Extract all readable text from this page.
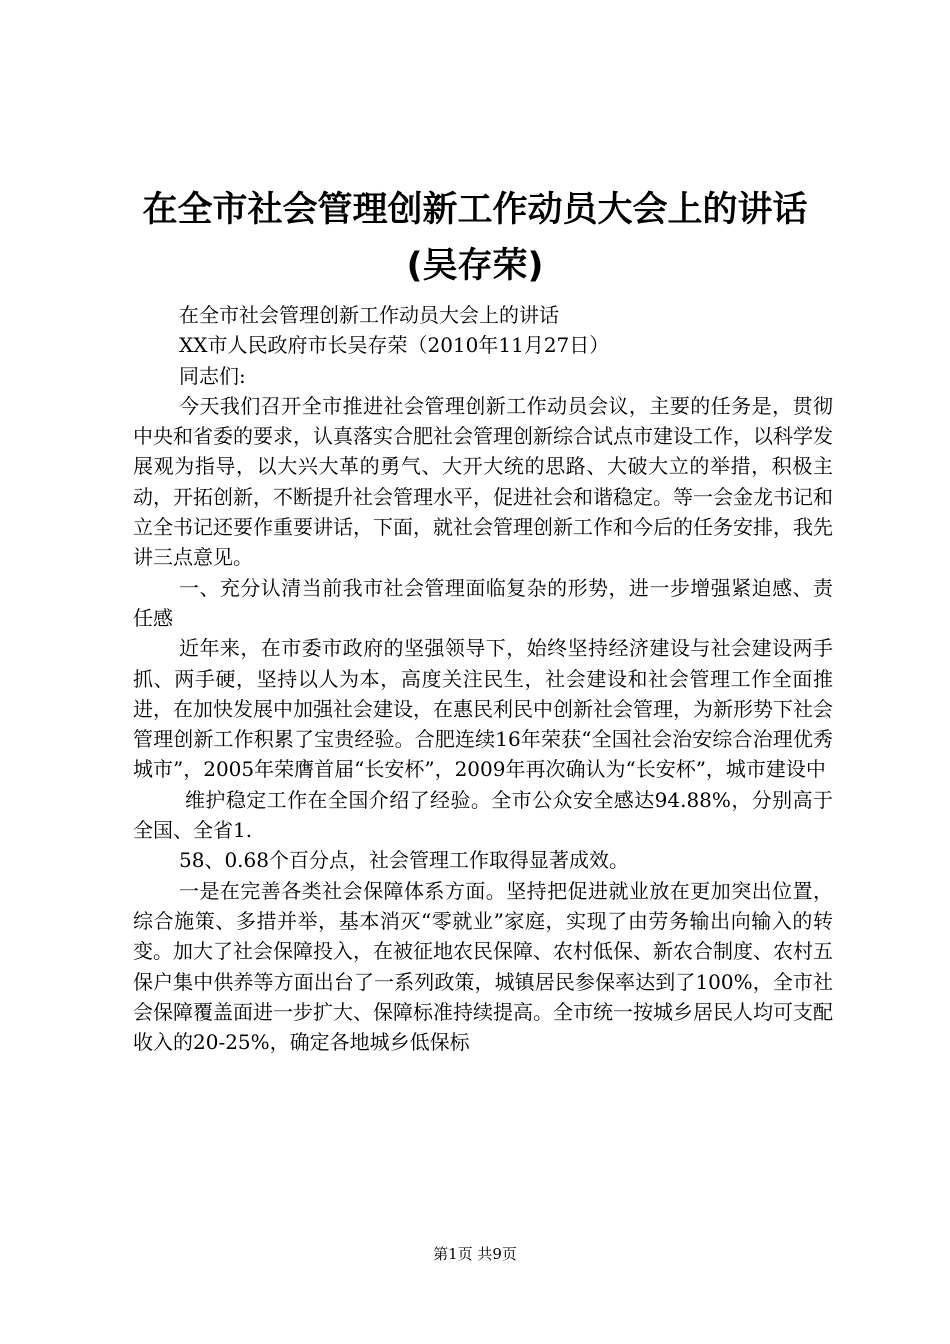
在全市社会管理创新工作动员大会上的讲话
(吴存荣)

在全市社会管理创新工作动员大会上的讲话

XX市人民政府市长吴存荣（2010年11月27日）

同志们:

今天我们召开全市推进社会管理创新工作动员会议，主要的任务是，贯彻中央和省委的要求，认真落实合肥社会管理创新综合试点市建设工作，以科学发展观为指导，以大兴大革的勇气、大开大统的思路、大破大立的举措，积极主动，开拓创新，不断提升社会管理水平，促进社会和谐稳定。等一会金龙书记和立全书记还要作重要讲话，下面，就社会管理创新工作和今后的任务安排，我先讲三点意见。

一、充分认清当前我市社会管理面临复杂的形势，进一步增强紧迫感、责任感

近年来，在市委市政府的坚强领导下，始终坚持经济建设与社会建设两手抓、两手硬，坚持以人为本，高度关注民生，社会建设和社会管理工作全面推进，在加快发展中加强社会建设，在惠民利民中创新社会管理，为新形势下社会管理创新工作积累了宝贵经验。合肥连续16年荣获“全国社会治安综合治理优秀城市”，2005年荣膺首届“长安杯”，2009年再次确认为“长安杯”，城市建设中

维护稳定工作在全国介绍了经验。全市公众安全感达94.88%，分别高于全国、全省1.

58、0.68个百分点，社会管理工作取得显著成效。

一是在完善各类社会保障体系方面。坚持把促进就业放在更加突出位置，综合施策、多措并举，基本消灭“零就业”家庭，实现了由劳务输出向输入的转变。加大了社会保障投入，在被征地农民保障、农村低保、新农合制度、农村五保户集中供养等方面出台了一系列政策，城镇居民参保率达到了100%，全市社会保障覆盖面进一步扩大、保障标准持续提高。全市统一按城乡居民人均可支配收入的20-25%，确定各地城乡低保标

第1页 共9页
